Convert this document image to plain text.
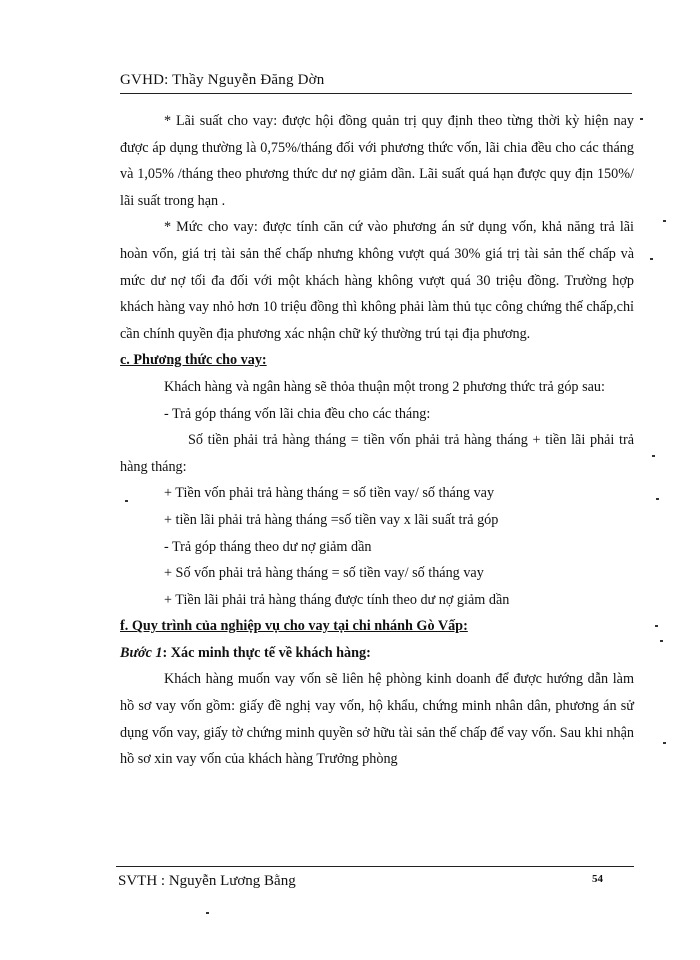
GVHD: Thầy Nguyễn Đăng Dờn

* Lãi suất cho vay: được hội đồng quản trị quy định theo từng thời kỳ hiện nay được áp dụng thường là 0,75%/tháng đối với phương thức vốn, lãi chia đều cho các tháng và 1,05% /tháng theo phương thức dư nợ giảm dần. Lãi suất quá hạn được quy địn 150%/ lãi suất trong hạn .

* Mức cho vay: được tính căn cứ vào phương án sử dụng vốn, khả năng trả lãi hoàn vốn, giá trị tài sản thế chấp nhưng không vượt quá 30% giá trị tài sản thế chấp và mức dư nợ tối đa đối với một khách hàng không vượt quá 30 triệu đồng. Trường hợp khách hàng vay nhỏ hơn 10 triệu đồng thì không phải làm thủ tục công chứng thế chấp,chỉ cần chính quyền địa phương xác nhận chữ ký thường trú tại địa phương.

c. Phương thức cho vay:

Khách hàng và ngân hàng sẽ thỏa thuận một trong 2 phương thức trả góp sau:

- Trả góp tháng vốn lãi chia đều cho các tháng:

Số tiền phải trả hàng tháng = tiền vốn phải trả hàng tháng + tiền lãi phải trả hàng tháng:

+ Tiền vốn phải trả hàng tháng = số tiền vay/ số tháng vay

+ tiền lãi phải trả hàng tháng =số tiền vay x lãi suất trả góp

- Trả góp tháng theo dư nợ giảm dần

+ Số vốn phải trả hàng tháng = số tiền vay/ số tháng vay

+ Tiền lãi phải trả hàng tháng được tính theo dư nợ giảm dần

f. Quy trình của nghiệp vụ cho vay tại chi nhánh Gò Vấp:

Bước 1: Xác minh thực tế về khách hàng:

Khách hàng muốn vay vốn sẽ liên hệ phòng kinh doanh để được hướng dẫn làm hồ sơ vay vốn gồm: giấy đề nghị vay vốn, hộ khẩu, chứng minh nhân dân, phương án sử dụng vốn vay, giấy tờ chứng minh quyền sở hữu tài sản thế chấp để vay vốn. Sau khi nhận hồ sơ xin vay vốn của khách hàng Trưởng phòng

SVTH : Nguyễn Lương Bằng	54
